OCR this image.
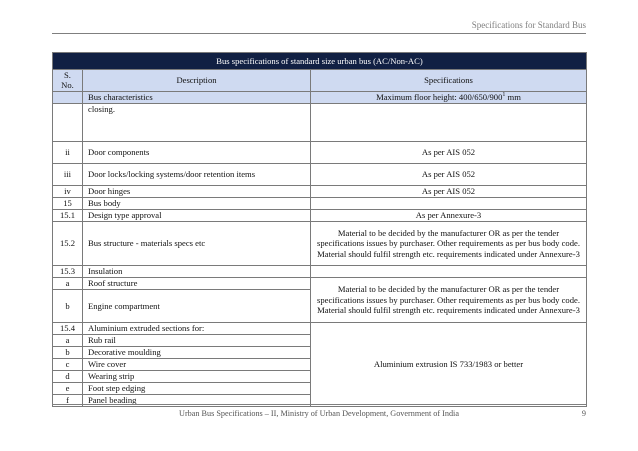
Specifications for Standard Bus
Bus specifications of standard size urban bus (AC/Non-AC)		
S. No.	Description	Specifications
	Bus characteristics	Maximum floor height: $400/650/900^1$ mm
	closing.	
ii	Door components	As per AIS 052
iii	Door locks/locking systems/door retention items	As per AIS 052
iv	Door hinges	As per AIS 052
15	Bus body	
15.1	Design type approval	As per Annexure-3
15.2	Bus structure - materials specs etc	Material to be decided by the manufacturer OR as per the tender specifications issues by purchaser. Other requirements as per bus body code. Material should fulfil strength etc. requirements indicated under Annexure-3
15.3	Insulation	
a	Roof structure	Material to be decided by the manufacturer OR as per the tender specifications issues by purchaser. Other requirements as per bus body code. Material should fulfil strength etc. requirements indicated under Annexure-3
b	Engine compartment	
15.4	Aluminium extruded sections for:	Aluminium extrusion IS 733/1983 or better
a	Rub rail	
b	Decorative moulding	
c	Wire cover	
d	Wearing strip	
e	Foot step edging	
f	Panel beading	
Urban Bus Specifications – II, Ministry of Urban Development, Government of India	9
